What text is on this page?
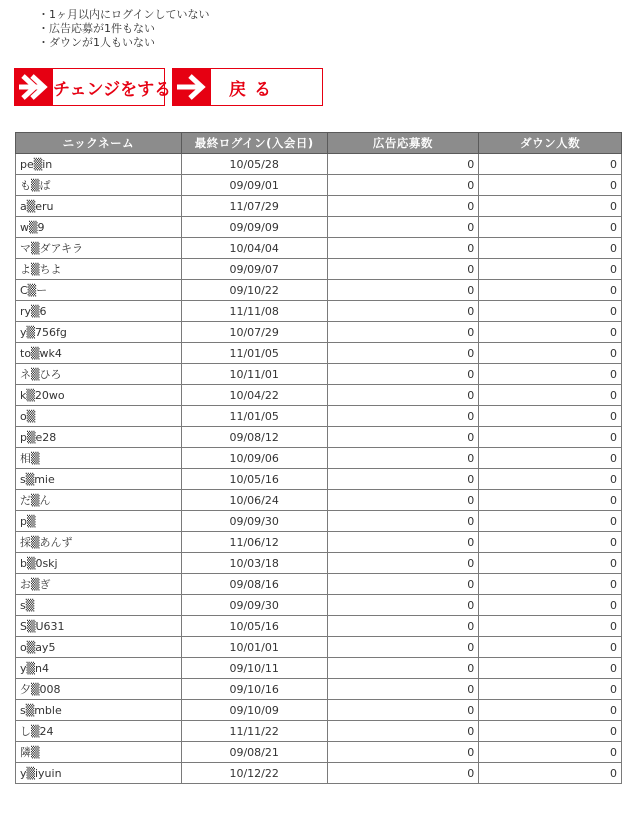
・1ヶ月以内にログインしていない
・広告応募が1件もない
・ダウンが1人もいない
チェンジをする	戻る
ニックネーム	最終ログイン(入会日)	広告応募数	ダウン人数
pe▒in	10/05/28	0	0
も▒ぱ	09/09/01	0	0
a▒eru	11/07/29	0	0
w▒9	09/09/09	0	0
マ▒ダアキラ	10/04/04	0	0
よ▒ちよ	09/09/07	0	0
C▒ー	09/10/22	0	0
ry▒6	11/11/08	0	0
y▒756fg	10/07/29	0	0
to▒wk4	11/01/05	0	0
ネ▒ひろ	10/11/01	0	0
k▒20wo	10/04/22	0	0
o▒	11/01/05	0	0
p▒e28	09/08/12	0	0
相▒	10/09/06	0	0
s▒mie	10/05/16	0	0
だ▒ん	10/06/24	0	0
p▒	09/09/30	0	0
採▒あんず	11/06/12	0	0
b▒0skj	10/03/18	0	0
お▒ぎ	09/08/16	0	0
s▒	09/09/30	0	0
S▒U631	10/05/16	0	0
o▒ay5	10/01/01	0	0
y▒n4	09/10/11	0	0
夕▒008	09/10/16	0	0
s▒mble	09/10/09	0	0
し▒24	11/11/22	0	0
隣▒	09/08/21	0	0
y▒iyuin	10/12/22	0	0
